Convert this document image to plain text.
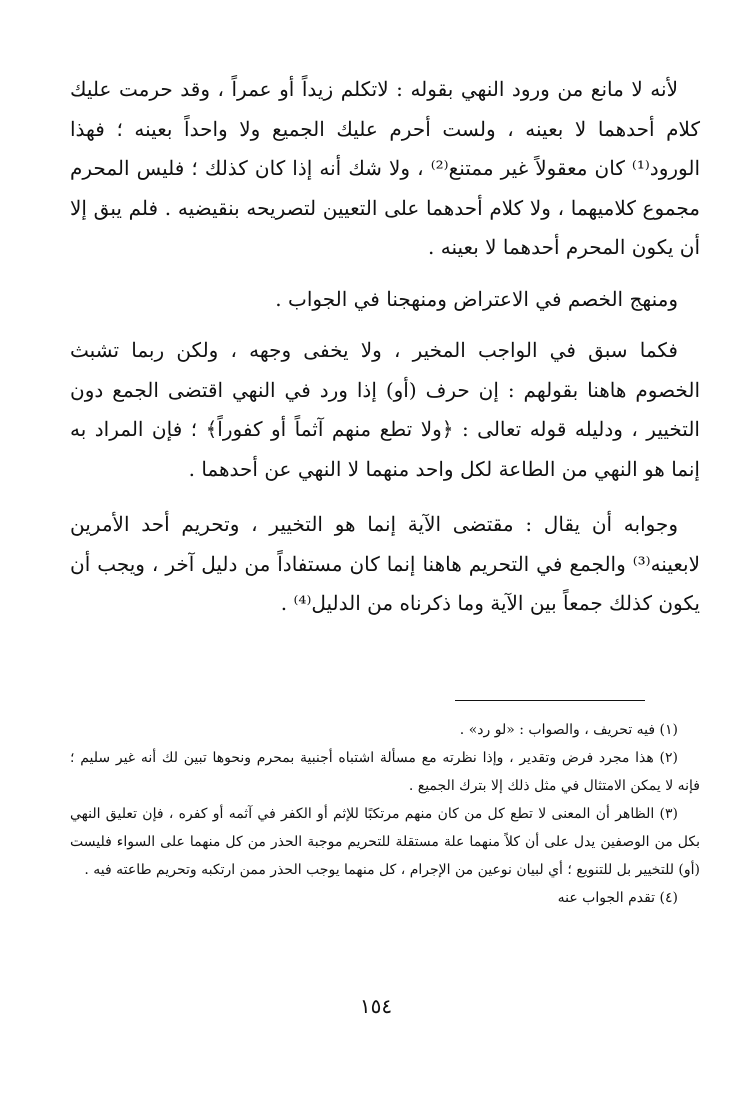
لأنه لا مانع من ورود النهي بقوله : لاتكلم زيداً أو عمراً ، وقد حرمت عليك كلام أحدهما لا بعينه ، ولست أحرم عليك الجميع ولا واحداً بعينه ؛ فهذا الورود⁽¹⁾ كان معقولاً غير ممتنع⁽²⁾ ، ولا شك أنه إذا كان كذلك ؛ فليس المحرم مجموع كلاميهما ، ولا كلام أحدهما على التعيين لتصريحه بنقيضيه . فلم يبق إلا أن يكون المحرم أحدهما لا بعينه .

ومنهج الخصم في الاعتراض ومنهجنا في الجواب .

فكما سبق في الواجب المخير ، ولا يخفى وجهه ، ولكن ربما تشبث الخصوم هاهنا بقولهم : إن حرف (أو) إذا ورد في النهي اقتضى الجمع دون التخيير ، ودليله قوله تعالى : ﴿ولا تطع منهم آثماً أو كفوراً﴾ ؛ فإن المراد به إنما هو النهي من الطاعة لكل واحد منهما لا النهي عن أحدهما .

وجوابه أن يقال : مقتضى الآية إنما هو التخيير ، وتحريم أحد الأمرين لابعينه⁽³⁾ والجمع في التحريم هاهنا إنما كان مستفاداً من دليل آخر ، ويجب أن يكون كذلك جمعاً بين الآية وما ذكرناه من الدليل⁽⁴⁾ .

(١) فيه تحريف ، والصواب : «لو رد» .

(٢) هذا مجرد فرض وتقدير ، وإذا نظرته مع مسألة اشتباه أجنبية بمحرم ونحوها تبين لك أنه غير سليم ؛ فإنه لا يمكن الامتثال في مثل ذلك إلا بترك الجميع .

(٣) الظاهر أن المعنى لا تطع كل من كان منهم مرتكبًا للإثم أو الكفر في آثمه أو كفره ، فإن تعليق النهي بكل من الوصفين يدل على أن كلاً منهما علة مستقلة للتحريم موجبة الحذر من كل منهما على السواء فليست (أو) للتخيير بل للتنويع ؛ أي لبيان نوعين من الإجرام ، كل منهما يوجب الحذر ممن ارتكبه وتحريم طاعته فيه .

(٤) تقدم الجواب عنه

١٥٤
